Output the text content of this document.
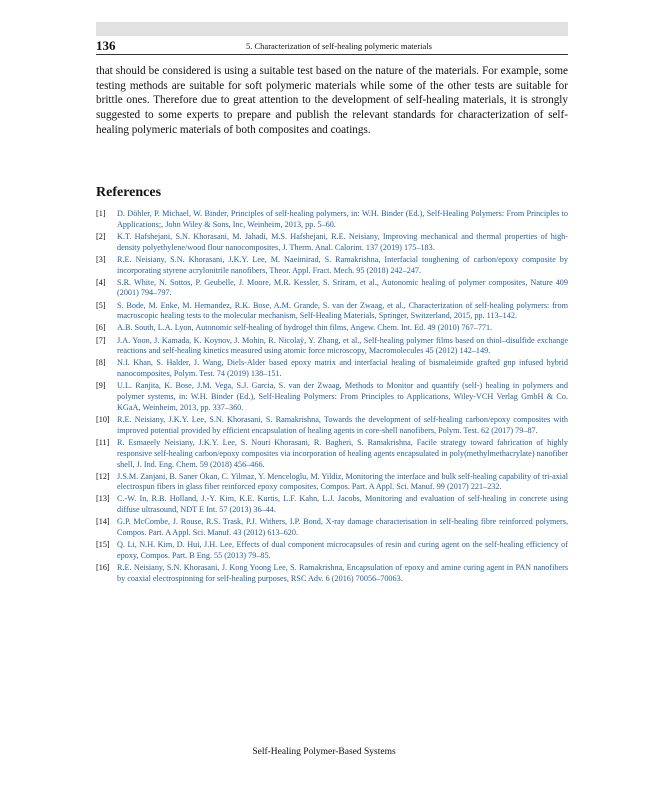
136	5. Characterization of self-healing polymeric materials

that should be considered is using a suitable test based on the nature of the materials. For example, some testing methods are suitable for soft polymeric materials while some of the other tests are suitable for brittle ones. Therefore due to great attention to the development of self-healing materials, it is strongly suggested to some experts to prepare and publish the relevant standards for characterization of self-healing polymeric materials of both composites and coatings.

References
[1] D. Döhler, P. Michael, W. Binder, Principles of self-healing polymers, in: W.H. Binder (Ed.), Self-Healing Polymers: From Principles to Applications;, John Wiley & Sons, Inc, Weinheim, 2013, pp. 5–60.
[2] K.T. Hafshejani, S.N. Khorasani, M. Jahadi, M.S. Hafshejani, R.E. Neisiany, Improving mechanical and thermal properties of high-density polyethylene/wood flour nanocomposites, J. Therm. Anal. Calorim. 137 (2019) 175–183.
[3] R.E. Neisiany, S.N. Khorasani, J.K.Y. Lee, M. Naeimirad, S. Ramakrishna, Interfacial toughening of carbon/epoxy composite by incorporating styrene acrylonitrile nanofibers, Theor. Appl. Fract. Mech. 95 (2018) 242–247.
[4] S.R. White, N. Sottos, P. Geubelle, J. Moore, M.R. Kessler, S. Sriram, et al., Autonomic healing of polymer composites, Nature 409 (2001) 794–797.
[5] S. Bode, M. Enke, M. Hernandez, R.K. Bose, A.M. Grande, S. van der Zwaag, et al., Characterization of self-healing polymers: from macroscopic healing tests to the molecular mechanism, Self-Healing Materials, Springer, Switzerland, 2015, pp. 113–142.
[6] A.B. South, L.A. Lyon, Autonomic self-healing of hydrogel thin films, Angew. Chem. Int. Ed. 49 (2010) 767–771.
[7] J.A. Yoon, J. Kamada, K. Koynov, J. Mohin, R. Nicolaÿ, Y. Zhang, et al., Self-healing polymer films based on thiol–disulfide exchange reactions and self-healing kinetics measured using atomic force microscopy, Macromolecules 45 (2012) 142–149.
[8] N.I. Khan, S. Halder, J. Wang, Diels-Alder based epoxy matrix and interfacial healing of bismaleimide grafted gnp infused hybrid nanocomposites, Polym. Test. 74 (2019) 138–151.
[9] U.L. Ranjita, K. Bose, J.M. Vega, S.J. Garcia, S. van der Zwaag, Methods to Monitor and quantify (self-) healing in polymers and polymer systems, in: W.H. Binder (Ed.), Self-Healing Polymers: From Principles to Applications, Wiley-VCH Verlag GmbH & Co. KGaA, Weinheim, 2013, pp. 337–360.
[10] R.E. Neisiany, J.K.Y. Lee, S.N. Khorasani, S. Ramakrishna, Towards the development of self-healing carbon/epoxy composites with improved potential provided by efficient encapsulation of healing agents in core-shell nanofibers, Polym. Test. 62 (2017) 79–87.
[11] R. Esmaeely Neisiany, J.K.Y. Lee, S. Nouri Khorasani, R. Bagheri, S. Ramakrishna, Facile strategy toward fabrication of highly responsive self-healing carbon/epoxy composites via incorporation of healing agents encapsulated in poly(methylmethacrylate) nanofiber shell, J. Ind. Eng. Chem. 59 (2018) 456–466.
[12] J.S.M. Zanjani, B. Saner Okan, C. Yilmaz, Y. Menceloglu, M. Yildiz, Monitoring the interface and bulk self-healing capability of tri-axial electrospun fibers in glass fiber reinforced epoxy composites, Compos. Part. A Appl. Sci. Manuf. 99 (2017) 221–232.
[13] C.-W. In, R.B. Holland, J.-Y. Kim, K.E. Kurtis, L.F. Kahn, L.J. Jacobs, Monitoring and evaluation of self-healing in concrete using diffuse ultrasound, NDT E Int. 57 (2013) 36–44.
[14] G.P. McCombe, J. Rouse, R.S. Trask, P.J. Withers, I.P. Bond, X-ray damage characterisation in self-healing fibre reinforced polymers, Compos. Part. A Appl. Sci. Manuf. 43 (2012) 613–620.
[15] Q. Li, N.H. Kim, D. Hui, J.H. Lee, Effects of dual component microcapsules of resin and curing agent on the self-healing efficiency of epoxy, Compos. Part. B Eng. 55 (2013) 79–85.
[16] R.E. Neisiany, S.N. Khorasani, J. Kong Yoong Lee, S. Ramakrishna, Encapsulation of epoxy and amine curing agent in PAN nanofibers by coaxial electrospinning for self-healing purposes, RSC Adv. 6 (2016) 70056–70063.
Self-Healing Polymer-Based Systems
